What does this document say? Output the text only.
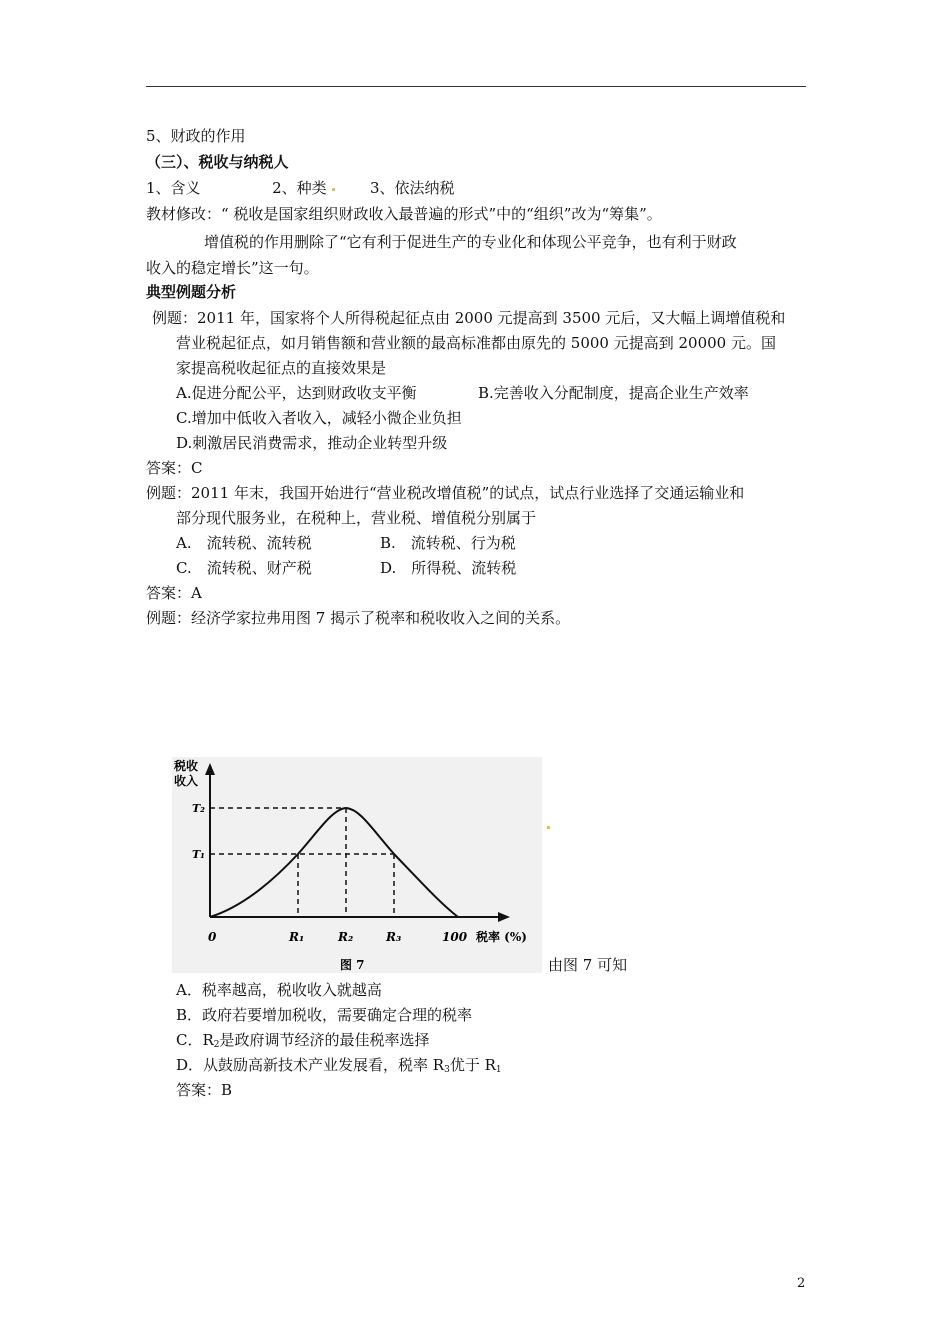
5、财政的作用
（三）、税收与纳税人
1、含义	2、种类	3、依法纳税
教材修改：“ 税收是国家组织财政收入最普遍的形式”中的“组织”改为“筹集”。
增值税的作用删除了“它有利于促进生产的专业化和体现公平竞争，也有利于财政
收入的稳定增长”这一句。
典型例题分析
例题：2011 年，国家将个人所得税起征点由 2000 元提高到 3500 元后，又大幅上调增值税和
营业税起征点，如月销售额和营业额的最高标准都由原先的 5000 元提高到 20000 元。国
家提高税收起征点的直接效果是
A.促进分配公平，达到财政收支平衡	B.完善收入分配制度，提高企业生产效率
C.增加中低收入者收入，减轻小微企业负担
D.刺激居民消费需求，推动企业转型升级
答案：C
例题：2011 年末，我国开始进行“营业税改增值税”的试点，试点行业选择了交通运输业和
部分现代服务业，在税种上，营业税、增值税分别属于
A.　流转税、流转税	B.　流转税、行为税
C.　流转税、财产税	D.　所得税、流转税
答案：A
例题：经济学家拉弗用图 7 揭示了税率和税收收入之间的关系。
税收
收入
T₂
T₁
0	R₁	R₂	R₃	100 税率 (%)
图 7	由图 7 可知
A．税率越高，税收收入就越高
B．政府若要增加税收，需要确定合理的税率
C．$R_2$是政府调节经济的最佳税率选择
D．从鼓励高新技术产业发展看，税率 $R_3$优于 $R_1$
答案：B
2
